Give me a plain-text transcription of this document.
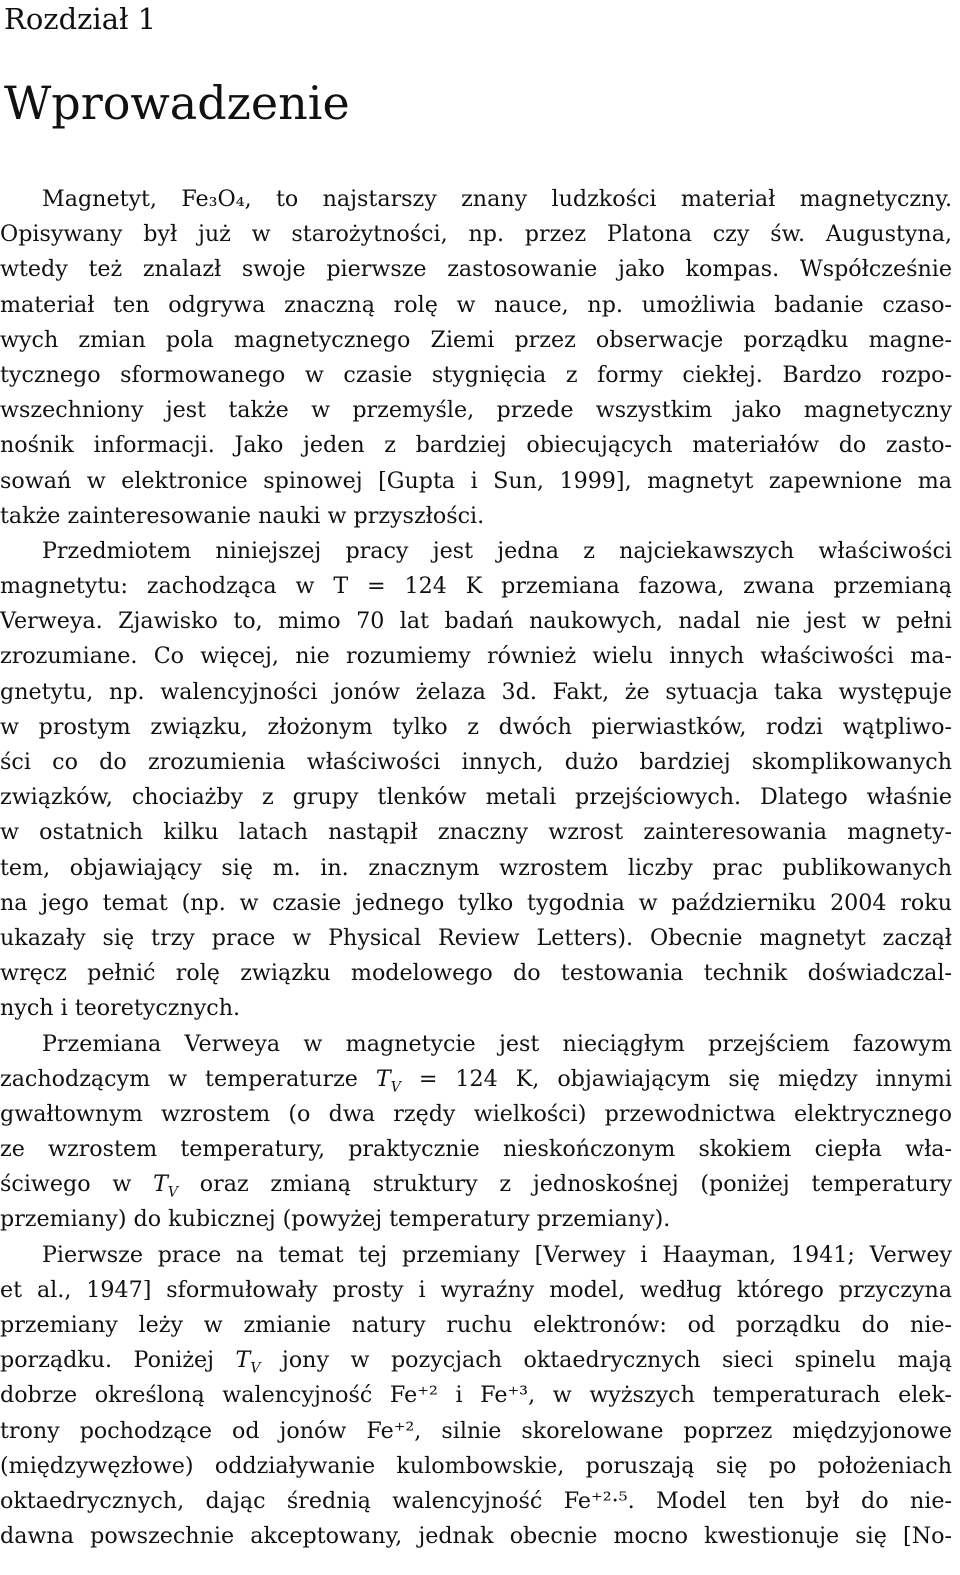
Rozdział 1
Wprowadzenie
Magnetyt, Fe₃O₄, to najstarszy znany ludzkości materiał magnetyczny.
Opisywany był już w starożytności, np. przez Platona czy św. Augustyna,
wtedy też znalazł swoje pierwsze zastosowanie jako kompas. Współcześnie
materiał ten odgrywa znaczną rolę w nauce, np. umożliwia badanie czaso-
wych zmian pola magnetycznego Ziemi przez obserwacje porządku magne-
tycznego sformowanego w czasie stygnięcia z formy ciekłej. Bardzo rozpo-
wszechniony jest także w przemyśle, przede wszystkim jako magnetyczny
nośnik informacji. Jako jeden z bardziej obiecujących materiałów do zasto-
sowań w elektronice spinowej [Gupta i Sun, 1999], magnetyt zapewnione ma
także zainteresowanie nauki w przyszłości.
Przedmiotem niniejszej pracy jest jedna z najciekawszych właściwości
magnetytu: zachodząca w T = 124 K przemiana fazowa, zwana przemianą
Verweya. Zjawisko to, mimo 70 lat badań naukowych, nadal nie jest w pełni
zrozumiane. Co więcej, nie rozumiemy również wielu innych właściwości ma-
gnetytu, np. walencyjności jonów żelaza 3d. Fakt, że sytuacja taka występuje
w prostym związku, złożonym tylko z dwóch pierwiastków, rodzi wątpliwo-
ści co do zrozumienia właściwości innych, dużo bardziej skomplikowanych
związków, chociażby z grupy tlenków metali przejściowych. Dlatego właśnie
w ostatnich kilku latach nastąpił znaczny wzrost zainteresowania magnety-
tem, objawiający się m. in. znacznym wzrostem liczby prac publikowanych
na jego temat (np. w czasie jednego tylko tygodnia w październiku 2004 roku
ukazały się trzy prace w Physical Review Letters). Obecnie magnetyt zaczął
wręcz pełnić rolę związku modelowego do testowania technik doświadczal-
nych i teoretycznych.
Przemiana Verweya w magnetycie jest nieciągłym przejściem fazowym
zachodzącym w temperaturze $T_V = 124$ K, objawiającym się między innymi
gwałtownym wzrostem (o dwa rzędy wielkości) przewodnictwa elektrycznego
ze wzrostem temperatury, praktycznie nieskończonym skokiem ciepła wła-
ściwego w $T_V$ oraz zmianą struktury z jednoskośnej (poniżej temperatury
przemiany) do kubicznej (powyżej temperatury przemiany).
Pierwsze prace na temat tej przemiany [Verwey i Haayman, 1941; Verwey
et al., 1947] sformułowały prosty i wyraźny model, według którego przyczyna
przemiany leży w zmianie natury ruchu elektronów: od porządku do nie-
porządku. Poniżej $T_V$ jony w pozycjach oktaedrycznych sieci spinelu mają
dobrze określoną walencyjność Fe⁺² i Fe⁺³, w wyższych temperaturach elek-
trony pochodzące od jonów Fe⁺², silnie skorelowane poprzez międzyjonowe
(międzywęzłowe) oddziaływanie kulombowskie, poruszają się po położeniach
oktaedrycznych, dając średnią walencyjność Fe⁺²·⁵. Model ten był do nie-
dawna powszechnie akceptowany, jednak obecnie mocno kwestionuje się [No-
